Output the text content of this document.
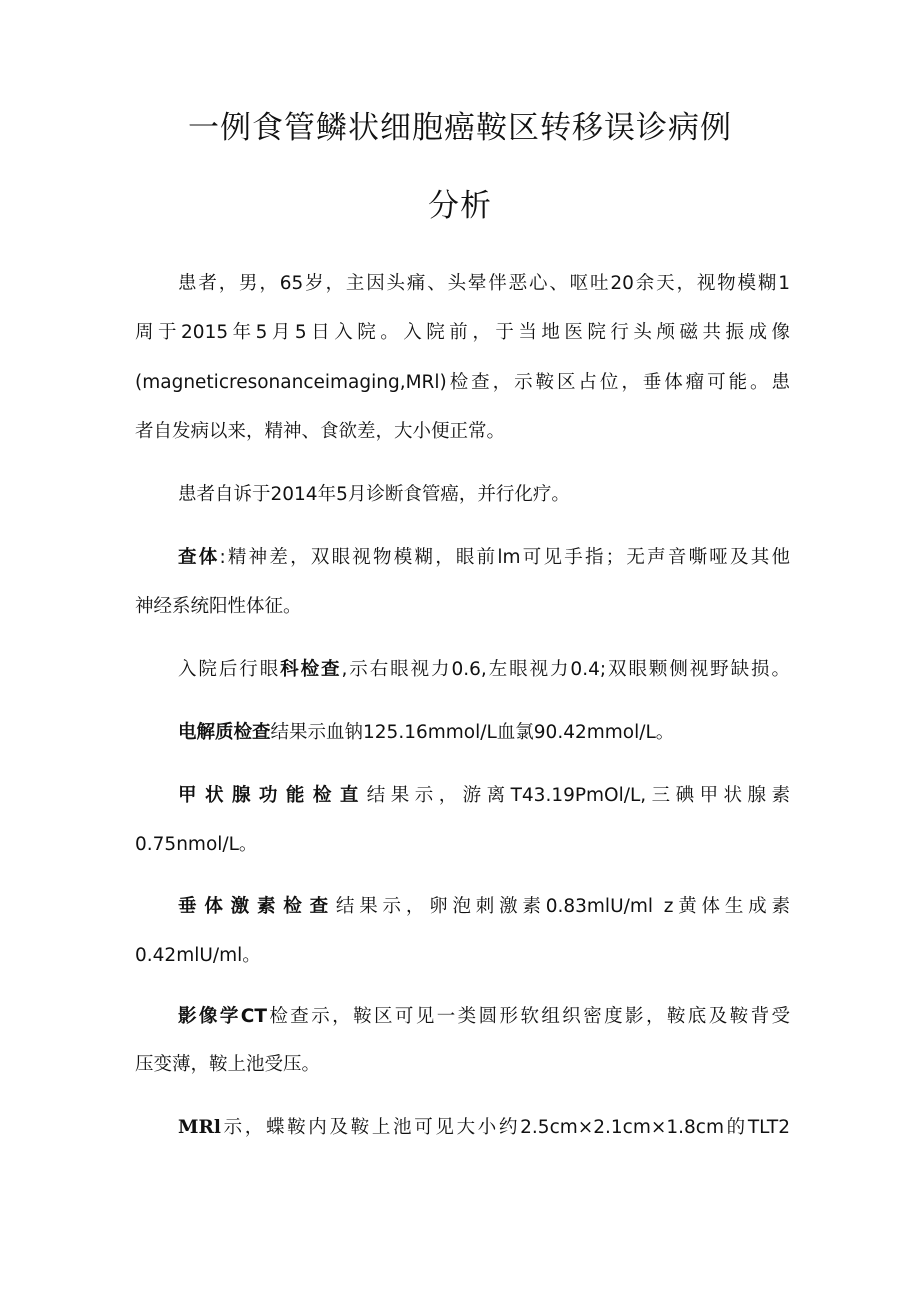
一例食管鳞状细胞癌鞍区转移误诊病例
分析
患者，男，65岁，主因头痛、头晕伴恶心、呕吐20余天，视物模糊1
周于2015年5月5日入院。入院前，于当地医院行头颅磁共振成像
(magneticresonanceimaging,MRl)检查，示鞍区占位，垂体瘤可能。患
者自发病以来，精神、食欲差，大小便正常。
患者自诉于2014年5月诊断食管癌，并行化疗。
查体:精神差，双眼视物模糊，眼前lm可见手指；无声音嘶哑及其他
神经系统阳性体征。
入院后行眼科检查,示右眼视力0.6,左眼视力0.4;双眼颗侧视野缺损。
电解质检查结果示血钠125.16mmol/L血氯90.42mmol/L。
甲状腺功能检直结果示，游离T43.19PmOl/L,三碘甲状腺素
0.75nmol/L。
垂体激素检查结果示，卵泡刺激素0.83mlU/ml z黄体生成素
0.42mlU/ml。
影像学CT检查示，鞍区可见一类圆形软组织密度影，鞍底及鞍背受
压变薄，鞍上池受压。
MRl示，蝶鞍内及鞍上池可见大小约2.5cm×2.1cm×1.8cm的TLT2
